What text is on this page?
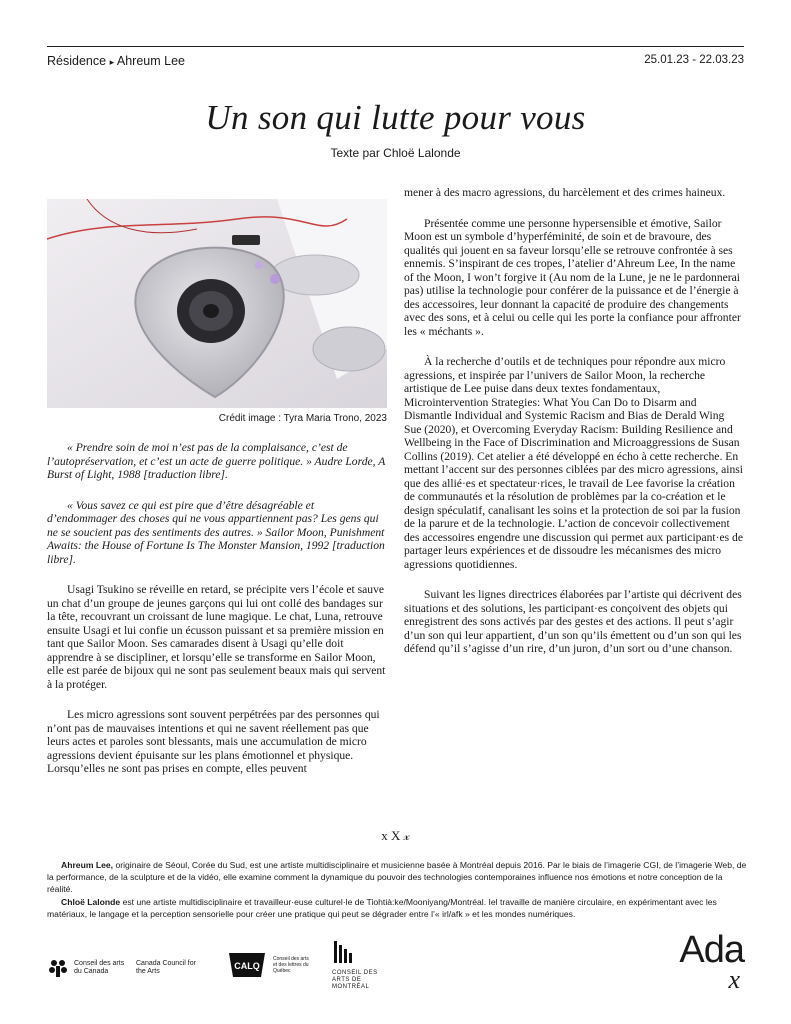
Résidence ▸ Ahreum Lee	25.01.23 - 22.03.23
Un son qui lutte pour vous
Texte par Chloë Lalonde
Crédit image : Tyra Maria Trono, 2023

« Prendre soin de moi n’est pas de la complaisance, c’est de l’autopréservation, et c’est un acte de guerre politique. » Audre Lorde, A Burst of Light, 1988 [traduction libre].

« Vous savez ce qui est pire que d’être désagréable et d’endommager des choses qui ne vous appartiennent pas? Les gens qui ne se soucient pas des sentiments des autres. » Sailor Moon, Punishment Awaits: the House of Fortune Is The Monster Mansion, 1992 [traduction libre].

Usagi Tsukino se réveille en retard, se précipite vers l’école et sauve un chat d’un groupe de jeunes garçons qui lui ont collé des bandages sur la tête, recouvrant un croissant de lune magique. Le chat, Luna, retrouve ensuite Usagi et lui confie un écusson puissant et sa première mission en tant que Sailor Moon. Ses camarades disent à Usagi qu’elle doit apprendre à se discipliner, et lorsqu’elle se transforme en Sailor Moon, elle est parée de bijoux qui ne sont pas seulement beaux mais qui servent à la protéger.

Les micro agressions sont souvent perpétrées par des personnes qui n’ont pas de mauvaises intentions et qui ne savent réellement pas que leurs actes et paroles sont blessants, mais une accumulation de micro agressions devient épuisante sur les plans émotionnel et physique. Lorsqu’elles ne sont pas prises en compte, elles peuvent

mener à des macro agressions, du harcèlement et des crimes haineux.

Présentée comme une personne hypersensible et émotive, Sailor Moon est un symbole d’hyperféminité, de soin et de bravoure, des qualités qui jouent en sa faveur lorsqu’elle se retrouve confrontée à ses ennemis. S’inspirant de ces tropes, l’atelier d’Ahreum Lee, In the name of the Moon, I won’t forgive it (Au nom de la Lune, je ne le pardonnerai pas) utilise la technologie pour conférer de la puissance et de l’énergie à des accessoires, leur donnant la capacité de produire des changements avec des sons, et à celui ou celle qui les porte la confiance pour affronter les « méchants ».

À la recherche d’outils et de techniques pour répondre aux micro agressions, et inspirée par l’univers de Sailor Moon, la recherche artistique de Lee puise dans deux textes fondamentaux, Microintervention Strategies: What You Can Do to Disarm and Dismantle Individual and Systemic Racism and Bias de Derald Wing Sue (2020), et Overcoming Everyday Racism: Building Resilience and Wellbeing in the Face of Discrimination and Microaggressions de Susan Collins (2019). Cet atelier a été développé en écho à cette recherche. En mettant l’accent sur des personnes ciblées par des micro agressions, ainsi que des allié·es et spectateur·rices, le travail de Lee favorise la création de communautés et la résolution de problèmes par la co-création et le design spéculatif, canalisant les soins et la protection de soi par la fusion de la parure et de la technologie. L’action de concevoir collectivement des accessoires engendre une discussion qui permet aux participant·es de partager leurs expériences et de dissoudre les mécanismes des micro agressions quotidiennes.

Suivant les lignes directrices élaborées par l’artiste qui décrivent des situations et des solutions, les participant·es conçoivent des objets qui enregistrent des sons activés par des gestes et des actions. Il peut s’agir d’un son qui leur appartient, d’un son qu’ils émettent ou d’un son qui les défend qu’il s’agisse d’un rire, d’un juron, d’un sort ou d’une chanson.

x X 𝓍

Ahreum Lee, originaire de Séoul, Corée du Sud, est une artiste multidisciplinaire et musicienne basée à Montréal depuis 2016. Par le biais de l’imagerie CGI, de l’imagerie Web, de la performance, de la sculpture et de la vidéo, elle examine comment la dynamique du pouvoir des technologies contemporaines influence nos émotions et notre conception de la réalité.

Chloë Lalonde est une artiste multidisciplinaire et travailleur·euse culturel·le de Tiohtià:ke/Mooniyang/Montréal. Iel travaille de manière circulaire, en expérimentant avec les matériaux, le langage et la perception sensorielle pour créer une pratique qui peut se dégrader entre l’« irl/afk » et les mondes numériques.

Conseil des arts du Canada
Canada Council for the Arts
CALQ
Conseil des arts et des lettres du Québec	CONSEIL DES ARTS DE MONTRÉAL
Ada
x
